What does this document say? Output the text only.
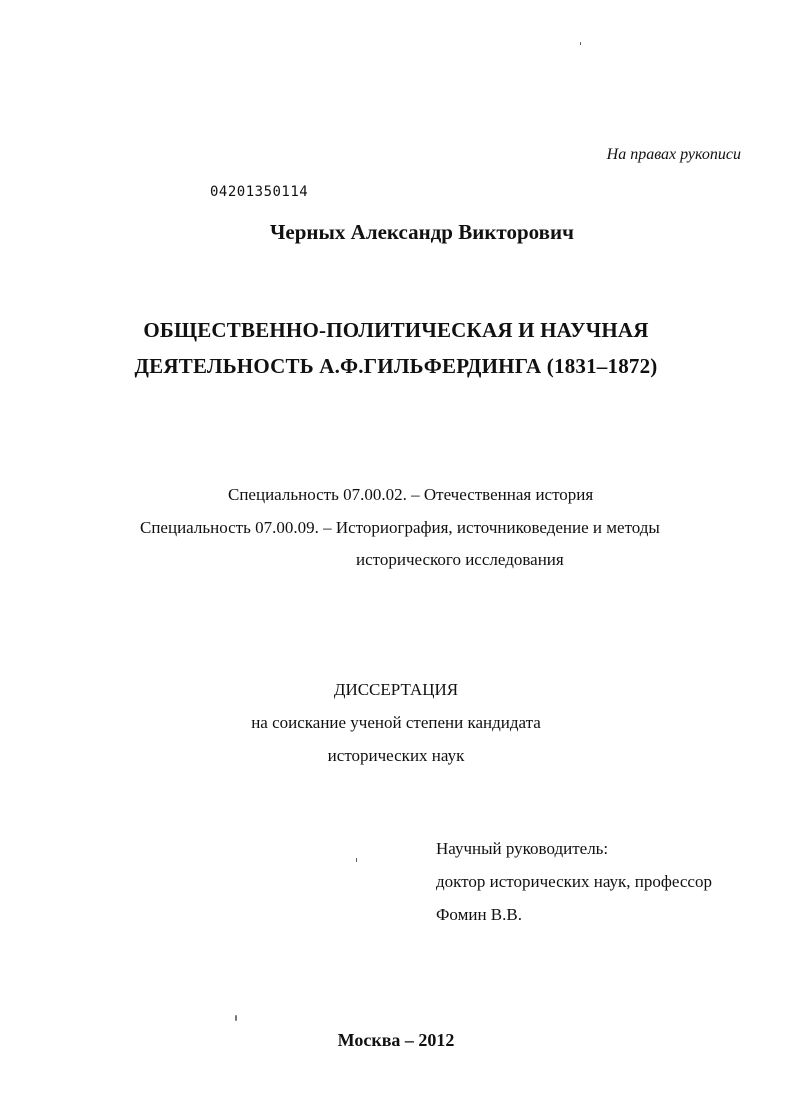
На правах рукописи
04201350114
Черных Александр Викторович
ОБЩЕСТВЕННО-ПОЛИТИЧЕСКАЯ И НАУЧНАЯ
ДЕЯТЕЛЬНОСТЬ А.Ф.ГИЛЬФЕРДИНГА (1831–1872)
Специальность 07.00.02. – Отечественная история
Специальность 07.00.09. – Историография, источниковедение и методы
исторического исследования
ДИССЕРТАЦИЯ
на соискание ученой степени кандидата
исторических наук
Научный руководитель:
доктор исторических наук, профессор
Фомин В.В.
Москва – 2012
